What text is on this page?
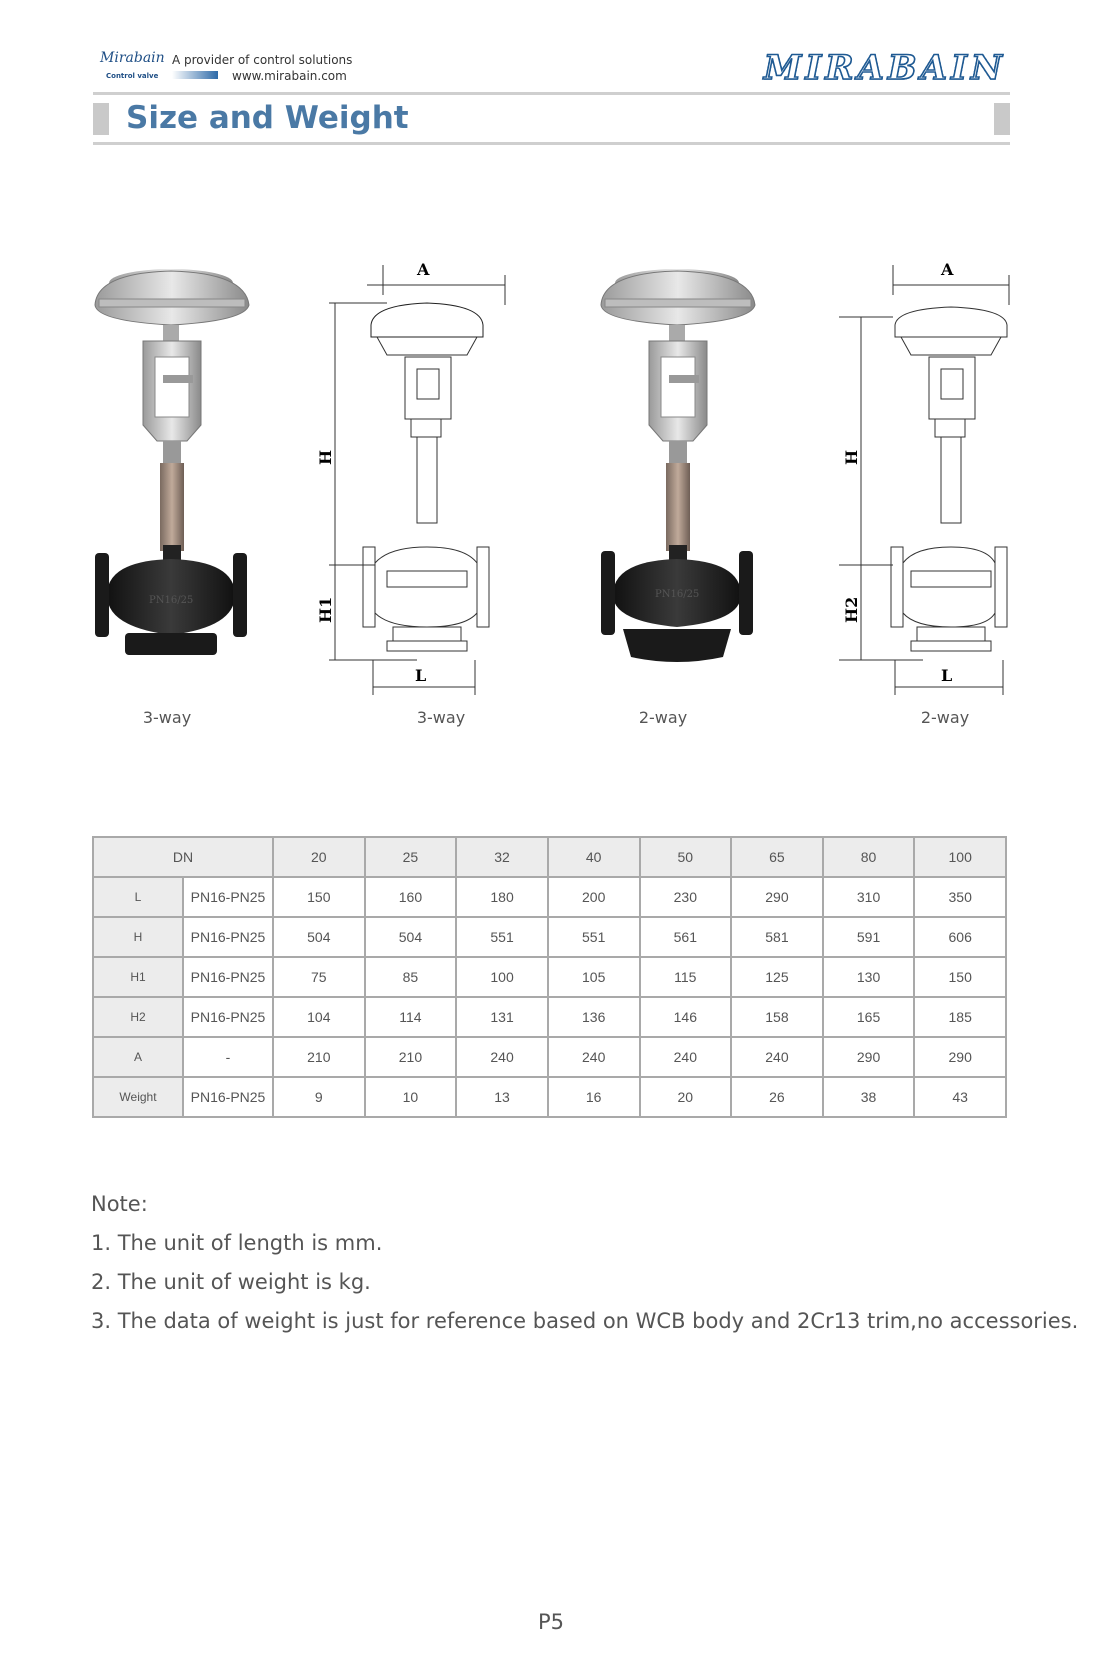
Mirabain
Control valve
A provider of control solutions
www.mirabain.com	MIRABAIN
Size and Weight
PN16/25
3-way
A
H
H1
L
3-way
PN16/25
2-way
A
H
H2
L
2-way
DN		20	25	32	40	50	65	80	100
L	PN16-PN25	150	160	180	200	230	290	310	350
H	PN16-PN25	504	504	551	551	561	581	591	606
H1	PN16-PN25	75	85	100	105	115	125	130	150
H2	PN16-PN25	104	114	131	136	146	158	165	185
A	-	210	210	240	240	240	240	290	290
Weight	PN16-PN25	9	10	13	16	20	26	38	43
Note:
1. The unit of length is mm.
2. The unit of weight is kg.
3. The data of weight is just for reference based on WCB body and 2Cr13 trim,no accessories.
P5
